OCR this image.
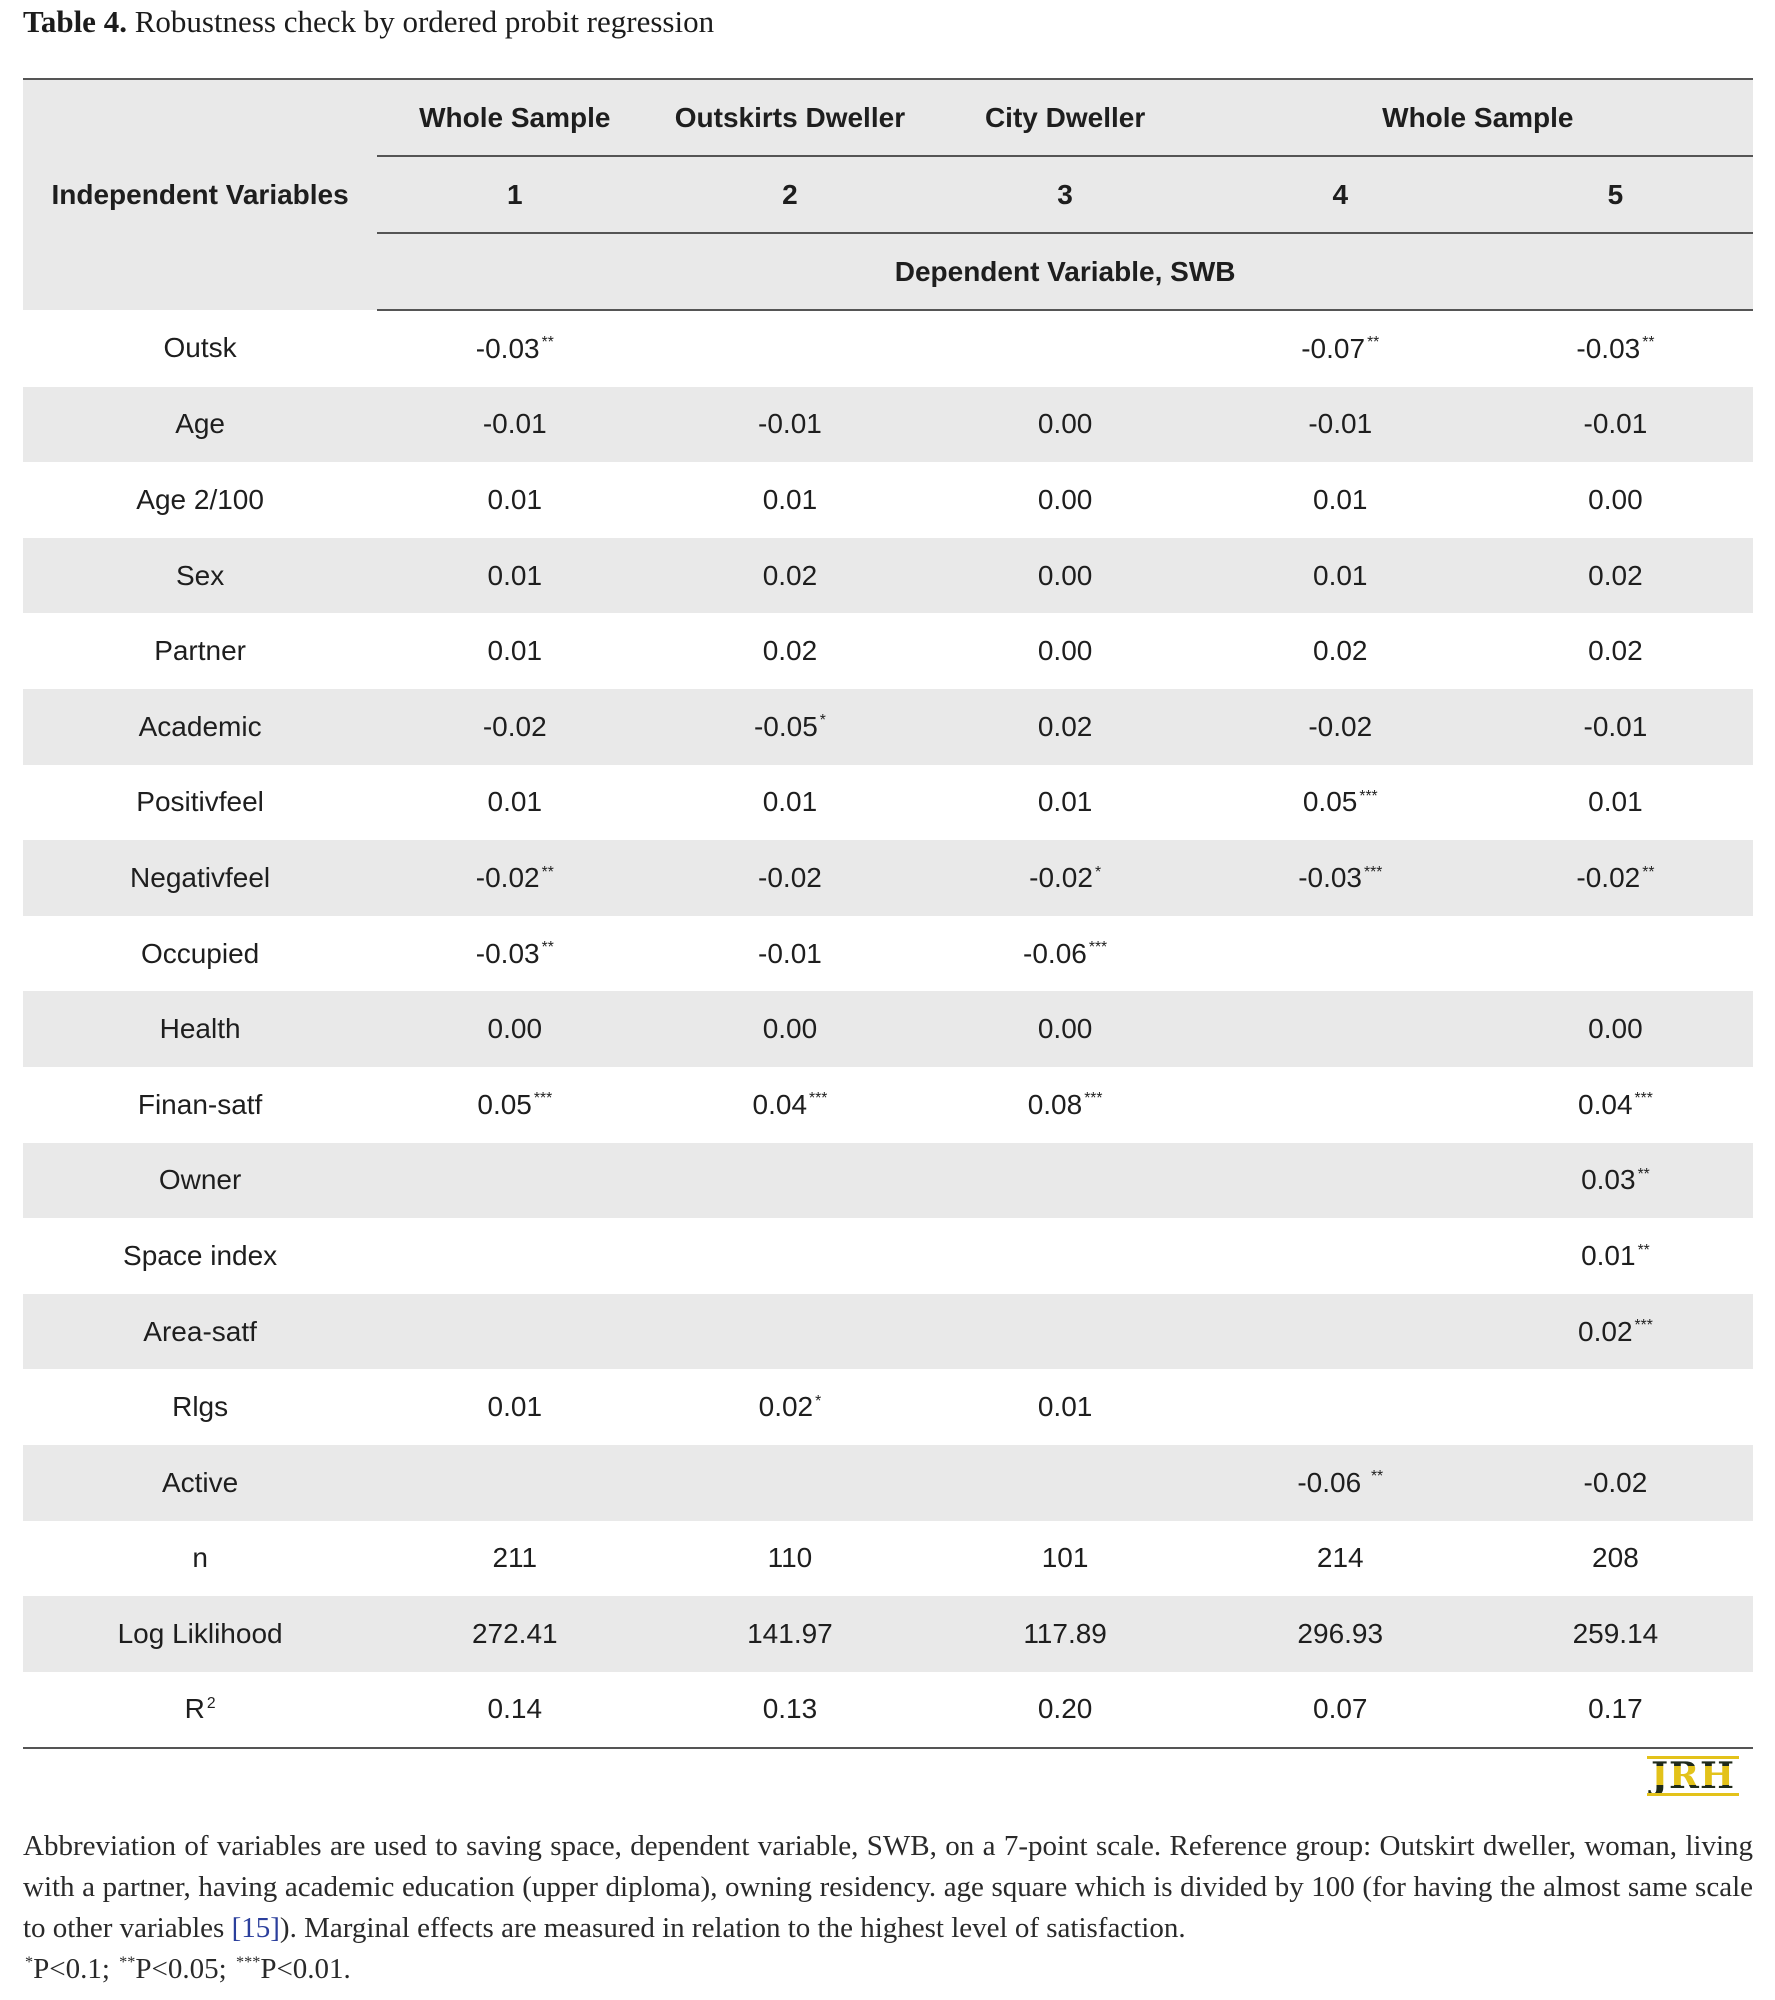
Table 4. Robustness check by ordered probit regression
Independent Variables	Whole Sample	Outskirts Dweller	City Dweller	Whole Sample	
	1	2	3	4	5
	Dependent Variable, SWB				
Outsk	-0.03 **			-0.07 **	-0.03 **
Age	-0.01	-0.01	0.00	-0.01	-0.01
Age 2/100	0.01	0.01	0.00	0.01	0.00
Sex	0.01	0.02	0.00	0.01	0.02
Partner	0.01	0.02	0.00	0.02	0.02
Academic	-0.02	-0.05 *	0.02	-0.02	-0.01
Positivfeel	0.01	0.01	0.01	0.05 ***	0.01
Negativfeel	-0.02 **	-0.02	-0.02 *	-0.03 ***	-0.02 **
Occupied	-0.03 **	-0.01	-0.06 ***		
Health	0.00	0.00	0.00		0.00
Finan-satf	0.05 ***	0.04 ***	0.08 ***		0.04 ***
Owner					0.03 **
Space index					0.01 **
Area-satf					0.02 ***
Rlgs	0.01	0.02 *	0.01		
Active				-0.06 **	-0.02
n	211	110	101	214	208
Log Liklihood	272.41	141.97	117.89	296.93	259.14
R $^2$	0.14	0.13	0.20	0.07	0.17
JRH

Abbreviation of variables are used to saving space, dependent variable, SWB, on a 7-point scale. Reference group: Outskirt dweller, woman, living with a partner, having academic education (upper diploma), owning residency. age square which is divided by 100 (for having the almost same scale to other variables [15]). Marginal effects are measured in relation to the highest level of satisfaction.

*P<0.1; **P<0.05; ***P<0.01.
